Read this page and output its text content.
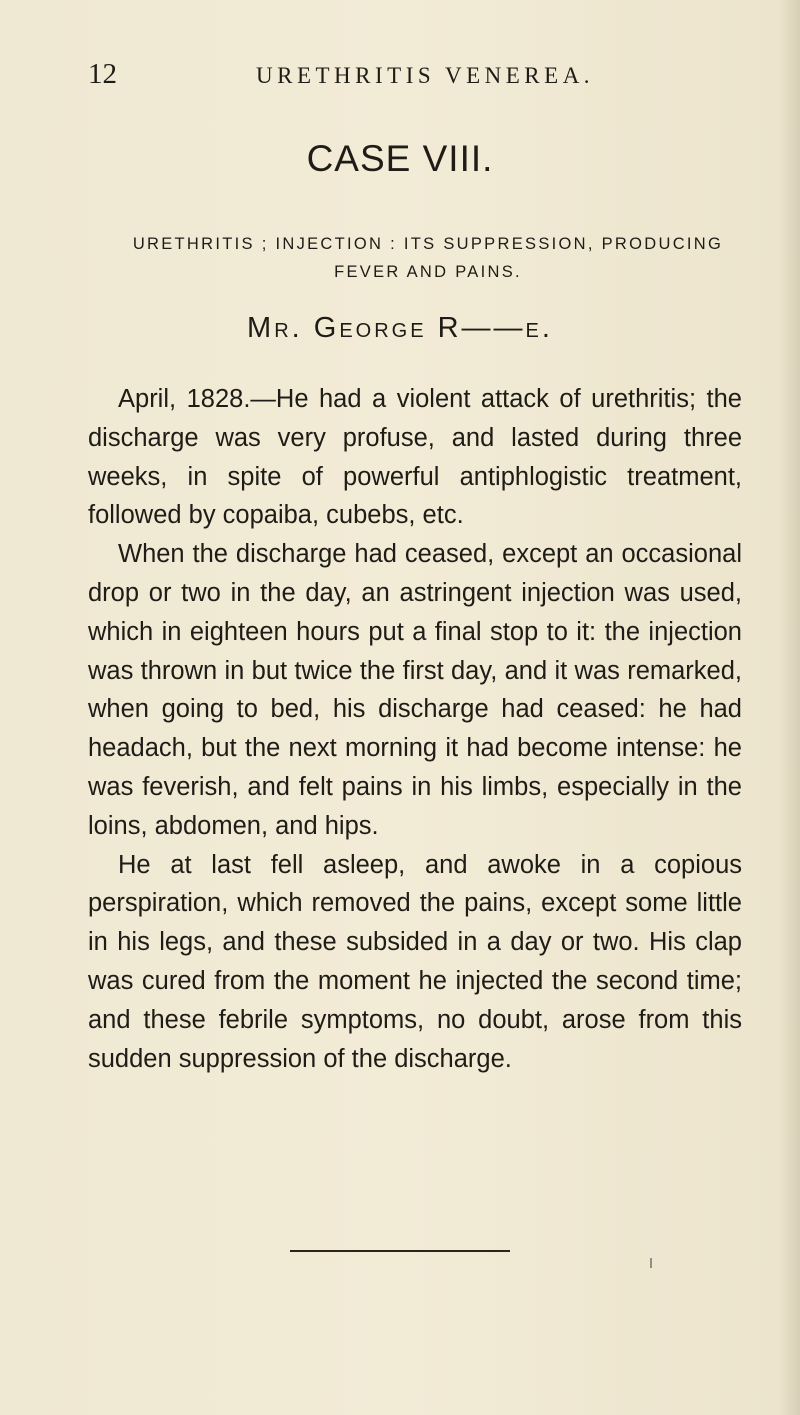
12	URETHRITIS VENEREA.
CASE VIII.
URETHRITIS ; INJECTION : ITS SUPPRESSION, PRODUCING FEVER AND PAINS.
Mr. George R——e.

April, 1828.—He had a violent attack of urethritis; the discharge was very profuse, and lasted during three weeks, in spite of powerful antiphlogistic treatment, followed by copaiba, cubebs, etc.

When the discharge had ceased, except an occasional drop or two in the day, an astringent injection was used, which in eighteen hours put a final stop to it: the injection was thrown in but twice the first day, and it was remarked, when going to bed, his discharge had ceased: he had headach, but the next morning it had become intense: he was feverish, and felt pains in his limbs, especially in the loins, abdomen, and hips.

He at last fell asleep, and awoke in a copious perspiration, which removed the pains, except some little in his legs, and these subsided in a day or two. His clap was cured from the moment he injected the second time; and these febrile symptoms, no doubt, arose from this sudden suppression of the discharge.
